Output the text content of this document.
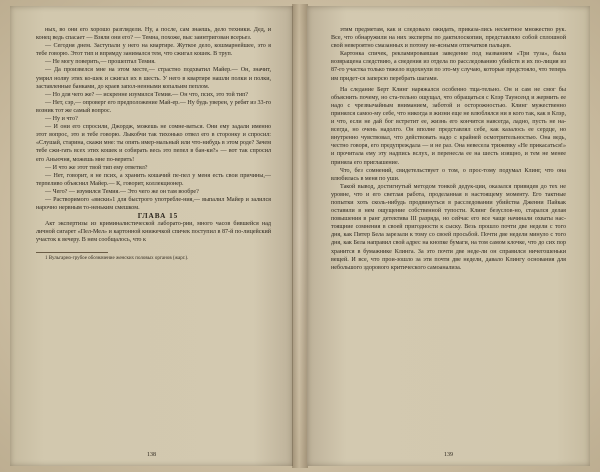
ных, во они его хорошо разглядели. Ну, а после, сам знаешь, дело техники. Дед, и конец ведь спасает — Взяли они его? — Темна, похоже, выс заинтригован всерьез.

— Сегодня днем. Заступали у него на квартире. Жуткое дело, кошмарнейшее, это я тебе говорю. Этот тип и впрямду занимался тем, что сжигал кошек. В труп.

— Не могу поверить,— прошептал Темия.

— Да произвелся мне на этом месте,— страстно подхватил Майер.— Он, значит, умрил нолву этих ко-шек и сжигал их в шесть. У него в квартире нашли полки и полки, заставленные банками, до краев запол-ненными копальим пеплом.

— Но для чего же? — искренне изумился Темия.— Он что, псих, это той тип?

— Нет, сэр,— опроверг его предположение Май-ер.— Ну будь уверен, у ребят из 33-го возник тот же самый вопрос.

— Ну и что?

— И они его спросили, Джордж, можешь не сомне-ваться. Они ему задали именно этот вопрос, это и тебе говорю. Лыкобчи так тихонько отвел его в сторонку и спросил: «Слушай, старина, скажи мне: ты опять имер-мальный или что-нибудь в этом роде? Зачем тебе сжи-гать всех этих кошек и собирать весь это пепел в бан-ки?» — вот так спросил его Аньючня, можешь мне по-верить!

— И что же этот твой тип ему ответил?

— Нет, говорит, я не псих, а хранить кошачий пе-пел у меня есть свои причины,— терпеливо объяснил Майер.— К, говорит, коллекционер.

— Чего? — изумился Темия.— Это чего же он там вообре?

— Растворимого «виски»1 для быстрого употребле-ния,— выпалил Майер и залился нарочно нервным то-неньким смешком.

ГЛАВА 15

Акт экспертизы из криминалистической лаборато-рии, много часов бившейся над личной сигарет «Пел-Мел» и картонной книжечкой спичек поступил в 87-й по-лицейский участок к вечеру. В нем сообщалось, что к

1 Вульгарно-грубое обозначение женских половых органов (жарг.).

138

этим предметам, как и следовало ожидать, приказа-лись несметное множество рук. Все, что обнаружили на них эксперты по дактилоскопии, представляло собой сплошной свой невероятно смазанных и потому не-ясными отпечатков пальцев.

Картонка спичек, рекламировавшая заведение под названием «Три туза», была возвращена следствию, а сведения из отдела по расследованию убийств и их по-лиция из 87-го участка только тяжело вздохнули по это-му случаю, которые предстояло, что теперь им придет-ся заперсю перебрать шагами.

На следание Берт Клинг наряжался особенно тща-тельно. Он и сам не смог бы объяснить почему, но ста-тельно ощущал, что обращаться с Клэр Таунсенд и жермить ее надо с чрезвычайным вниманием, заботой и осторожностью. Клинг мужественно принялся самоо-му себе, что никогда в жизни еще не влюблялся ни в кого так, как в Клэр, и что, если не дай бог встретит ее, жизнь его кончится навсегда, ладно, пусть не на-всегда, но очень надолго. Он вполне представлял себе, как казалось ее сердце, но внутренно чувствовал, что действовать надо с крайней осмотрительностью. Она ведь, честно говоря, его предупреждала — и не раз. Она невесела трижевку «Не прикасаться!» и прочитала ему эту надпись вслух, и перенесла ее на шесть изящно, и тем не менее приняла его приглашение.

Что, без сомнений, свидетельствует о том, о прос-тому подумал Клинг, что она влюбилась в меня по уши.

Такой вывод, достигнутый методом тонкой дедук-ции, оказался привидев до тех не уровне, что и его светлая работа, проделанная в настоящему моменту. Его тактные попытки хоть сколь-нибудь продвинуться в расследовании убийства Дженни Пайкак оставили в нем ощущение собственной тупости. Клинг безуслов-но, старался делая повышения в ранг детектива III разряда, но сейчас его все чаще начинали охваты нас-тоящние сомнения в своей пригодности к сыску. Везь прошло почти две недели с того дня, как Питер Бела зарезали к тому со своей просьбой. Почти две недели минуло с того дня, как Бела направил свой адрес на кнопке бумаги, на том самом клочке, что до сих пор хранится в бумажнике Клинга. За это почти две неде-ли он справился ничегошеньки вещей. И все, что прои-зошло за эти почти две недели, давало Клингу основания для небольшого здорового критического самоанализа.

139
